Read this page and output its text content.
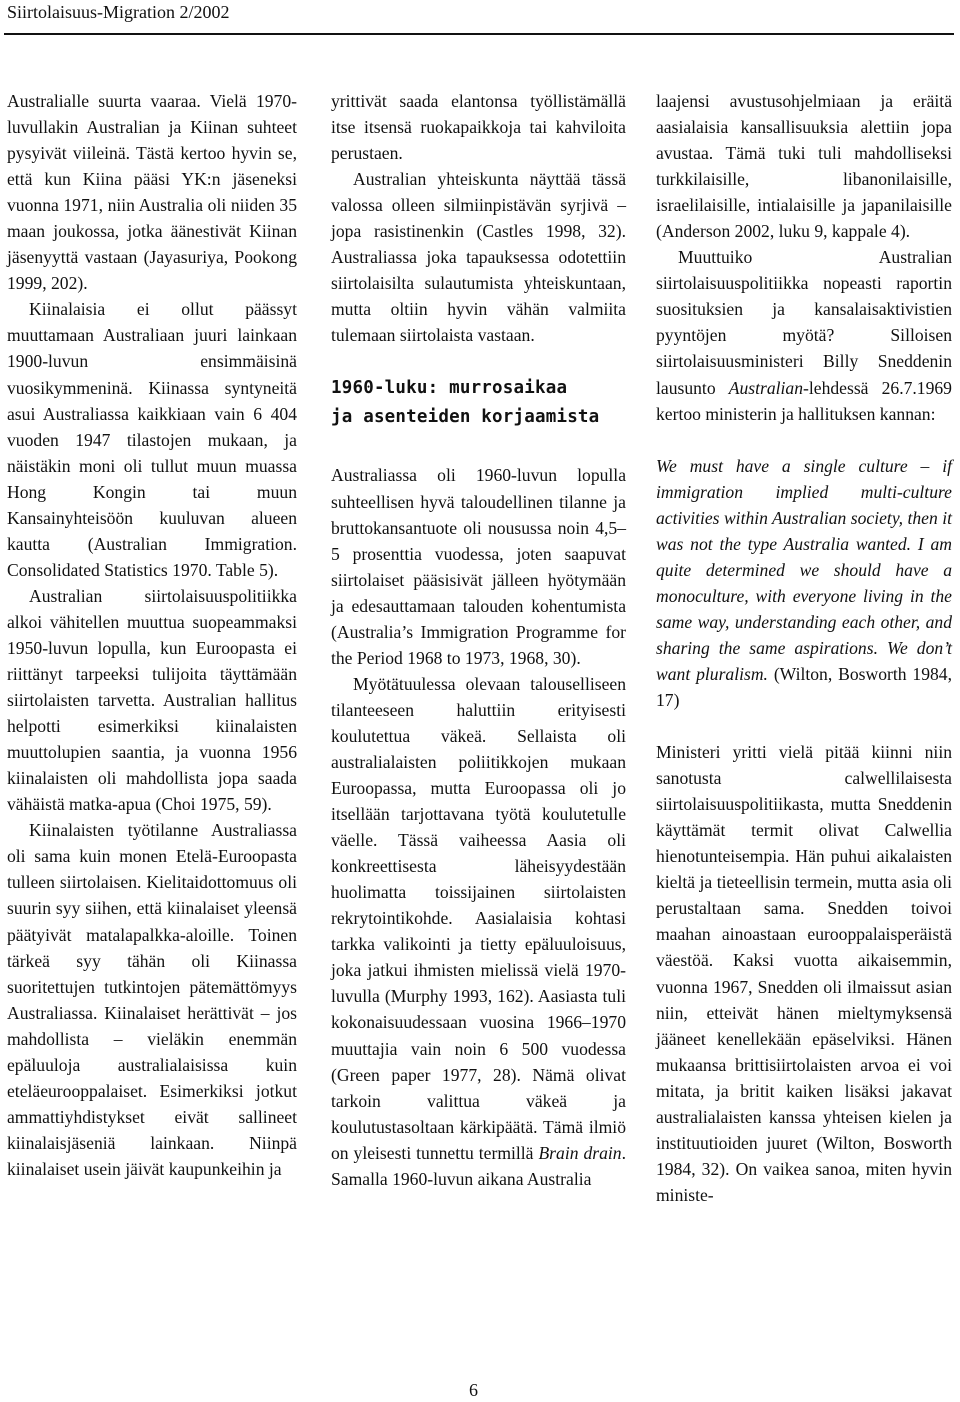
Siirtolaisuus-Migration 2/2002

Australialle suurta vaaraa. Vielä 1970-luvullakin Australian ja Kiinan suhteet pysyivät viileinä. Tästä kertoo hyvin se, että kun Kiina pääsi YK:n jäseneksi vuonna 1971, niin Australia oli niiden 35 maan joukossa, jotka äänestivät Kiinan jäsenyyttä vastaan (Jayasuriya, Pookong 1999, 202).

Kiinalaisia ei ollut päässyt muuttamaan Australiaan juuri lainkaan 1900-luvun ensimmäisinä vuosikymmeninä. Kiinassa syntyneitä asui Australiassa kaikkiaan vain 6 404 vuoden 1947 tilastojen mukaan, ja näistäkin moni oli tullut muun muassa Hong Kongin tai muun Kansainyhteisöön kuuluvan alueen kautta (Australian Immigration. Consolidated Statistics 1970. Table 5).

Australian siirtolaisuuspolitiikka alkoi vähitellen muuttua suopeammaksi 1950-luvun lopulla, kun Euroopasta ei riittänyt tarpeeksi tulijoita täyttämään siirtolaisten tarvetta. Australian hallitus helpotti esimerkiksi kiinalaisten muuttolupien saantia, ja vuonna 1956 kiinalaisten oli mahdollista jopa saada vähäistä matka-apua (Choi 1975, 59).

Kiinalaisten työtilanne Australiassa oli sama kuin monen Etelä-Euroopasta tulleen siirtolaisen. Kielitaidottomuus oli suurin syy siihen, että kiinalaiset yleensä päätyivät matalapalkka-aloille. Toinen tärkeä syy tähän oli Kiinassa suoritettujen tutkintojen pätemättömyys Australiassa. Kiinalaiset herättivät – jos mahdollista – vieläkin enemmän epäluuloja australialaisissa kuin eteläeurooppalaiset. Esimerkiksi jotkut ammattiyhdistykset eivät sallineet kiinalaisjäseniä lainkaan. Niinpä kiinalaiset usein jäivät kaupunkeihin ja

yrittivät saada elantonsa työllistämällä itse itsensä ruokapaikkoja tai kahviloita perustaen.

Australian yhteiskunta näyttää tässä valossa olleen silmiinpistävän syrjivä – jopa rasistinenkin (Castles 1998, 32). Australiassa joka tapauksessa odotettiin siirtolaisilta sulautumista yhteiskuntaan, mutta oltiin hyvin vähän valmiita tulemaan siirtolaista vastaan.

1960-luku: murrosaikaa
ja asenteiden korjaamista

Australiassa oli 1960-luvun lopulla suhteellisen hyvä taloudellinen tilanne ja bruttokansantuote oli nousussa noin 4,5–5 prosenttia vuodessa, joten saapuvat siirtolaiset pääsisivät jälleen hyötymään ja edesauttamaan talouden kohentumista (Australia’s Immigration Programme for the Period 1968 to 1973, 1968, 30).

Myötätuulessa olevaan talouselliseen tilanteeseen haluttiin erityisesti koulutettua väkeä. Sellaista oli australialaisten poliitikkojen mukaan Euroopassa, mutta Euroopassa oli jo itsellään tarjottavana työtä koulutetulle väelle. Tässä vaiheessa Aasia oli konkreettisesta läheisyydestään huolimatta toissijainen siirtolaisten rekrytointikohde. Aasialaisia kohtasi tarkka valikointi ja tietty epäluuloisuus, joka jatkui ihmisten mielissä vielä 1970-luvulla (Murphy 1993, 162). Aasiasta tuli kokonaisuudessaan vuosina 1966–1970 muuttajia vain noin 6 500 vuodessa (Green paper 1977, 28). Nämä olivat tarkoin valittua väkeä ja koulutustasoltaan kärkipäätä. Tämä ilmiö on yleisesti tunnettu termillä Brain drain. Samalla 1960-luvun aikana Australia

laajensi avustusohjelmiaan ja eräitä aasialaisia kansallisuuksia alettiin jopa avustaa. Tämä tuki tuli mahdolliseksi turkkilaisille, libanonilaisille, israelilaisille, intialaisille ja japanilaisille (Anderson 2002, luku 9, kappale 4).

Muuttuiko Australian siirtolaisuuspolitiikka nopeasti raportin suosituksien ja kansalaisaktivistien pyyntöjen myötä? Silloisen siirtolaisuusministeri Billy Sneddenin lausunto Australian-lehdessä 26.7.1969 kertoo ministerin ja hallituksen kannan:

We must have a single culture – if immigration implied multi-culture activities within Australian society, then it was not the type Australia wanted. I am quite determined we should have a monoculture, with everyone living in the same way, understanding each other, and sharing the same aspirations. We don’t want pluralism. (Wilton, Bosworth 1984, 17)

Ministeri yritti vielä pitää kiinni niin sanotusta calwellilaisesta siirtolaisuuspolitiikasta, mutta Sneddenin käyttämät termit olivat Calwellia hienotunteisempia. Hän puhui aikalaisten kieltä ja tieteellisin termein, mutta asia oli perustaltaan sama. Snedden toivoi maahan ainoastaan eurooppalaisperäistä väestöä. Kaksi vuotta aikaisemmin, vuonna 1967, Snedden oli ilmaissut asian niin, etteivät hänen mieltymyksensä jääneet kenellekään epäselviksi. Hänen mukaansa brittisiirtolaisten arvoa ei voi mitata, ja britit kaiken lisäksi jakavat australialaisten kanssa yhteisen kielen ja instituutioiden juuret (Wilton, Bosworth 1984, 32). On vaikea sanoa, miten hyvin ministe-

6
